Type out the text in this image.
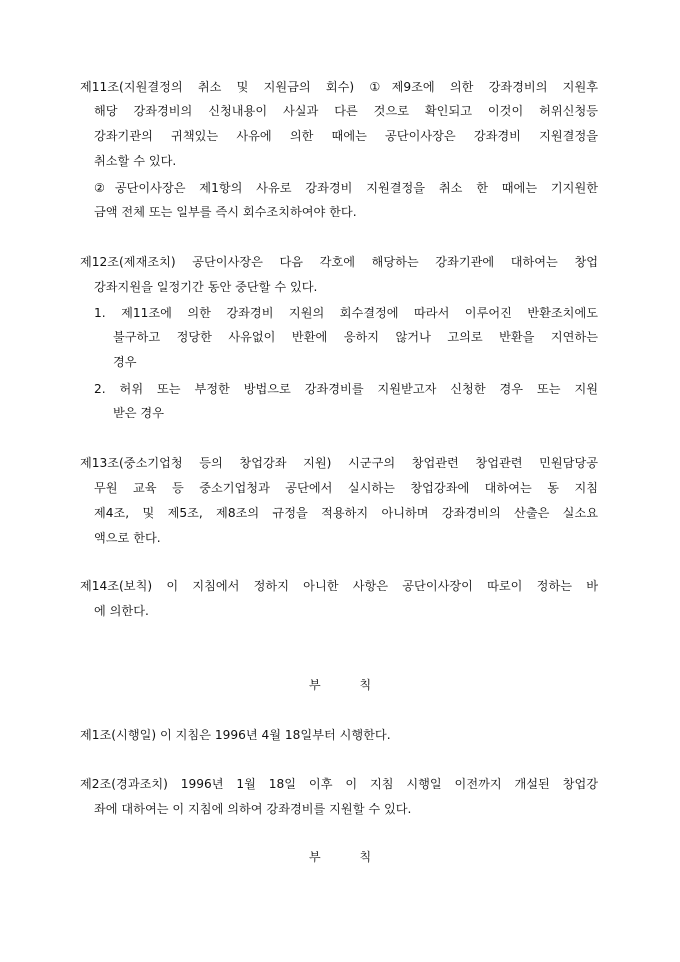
제11조(지원결정의 취소 및 지원금의 회수) ①제9조에 의한 강좌경비의 지원후
해당 강좌경비의 신청내용이 사실과 다른 것으로 확인되고 이것이 허위신청등
강좌기관의 귀책있는 사유에 의한 때에는 공단이사장은 강좌경비 지원결정을
취소할 수 있다.
②공단이사장은 제1항의 사유로 강좌경비 지원결정을 취소 한 때에는 기지원한
금액 전체 또는 일부를 즉시 회수조치하여야 한다.
제12조(제재조치) 공단이사장은 다음 각호에 해당하는 강좌기관에 대하여는 창업
강좌지원을 일정기간 동안 중단할 수 있다.
1. 제11조에 의한 강좌경비 지원의 회수결정에 따라서 이루어진 반환조치에도
불구하고 정당한 사유없이 반환에 응하지 않거나 고의로 반환을 지연하는
경우
2. 허위 또는 부정한 방법으로 강좌경비를 지원받고자 신청한 경우 또는 지원
받은 경우
제13조(중소기업청 등의 창업강좌 지원) 시군구의 창업관련 창업관련 민원담당공
무원 교육 등 중소기업청과 공단에서 실시하는 창업강좌에 대하여는 동 지침
제4조, 및 제5조, 제8조의 규정을 적용하지 아니하며 강좌경비의 산출은 실소요
액으로 한다.
제14조(보칙) 이 지침에서 정하지 아니한 사항은 공단이사장이 따로이 정하는 바
에 의한다.
부          칙
제1조(시행일) 이 지침은 1996년 4월 18일부터 시행한다.
제2조(경과조치) 1996년 1월 18일 이후 이 지침 시행일 이전까지 개설된 창업강
좌에 대하여는 이 지침에 의하여 강좌경비를 지원할 수 있다.
부          칙
